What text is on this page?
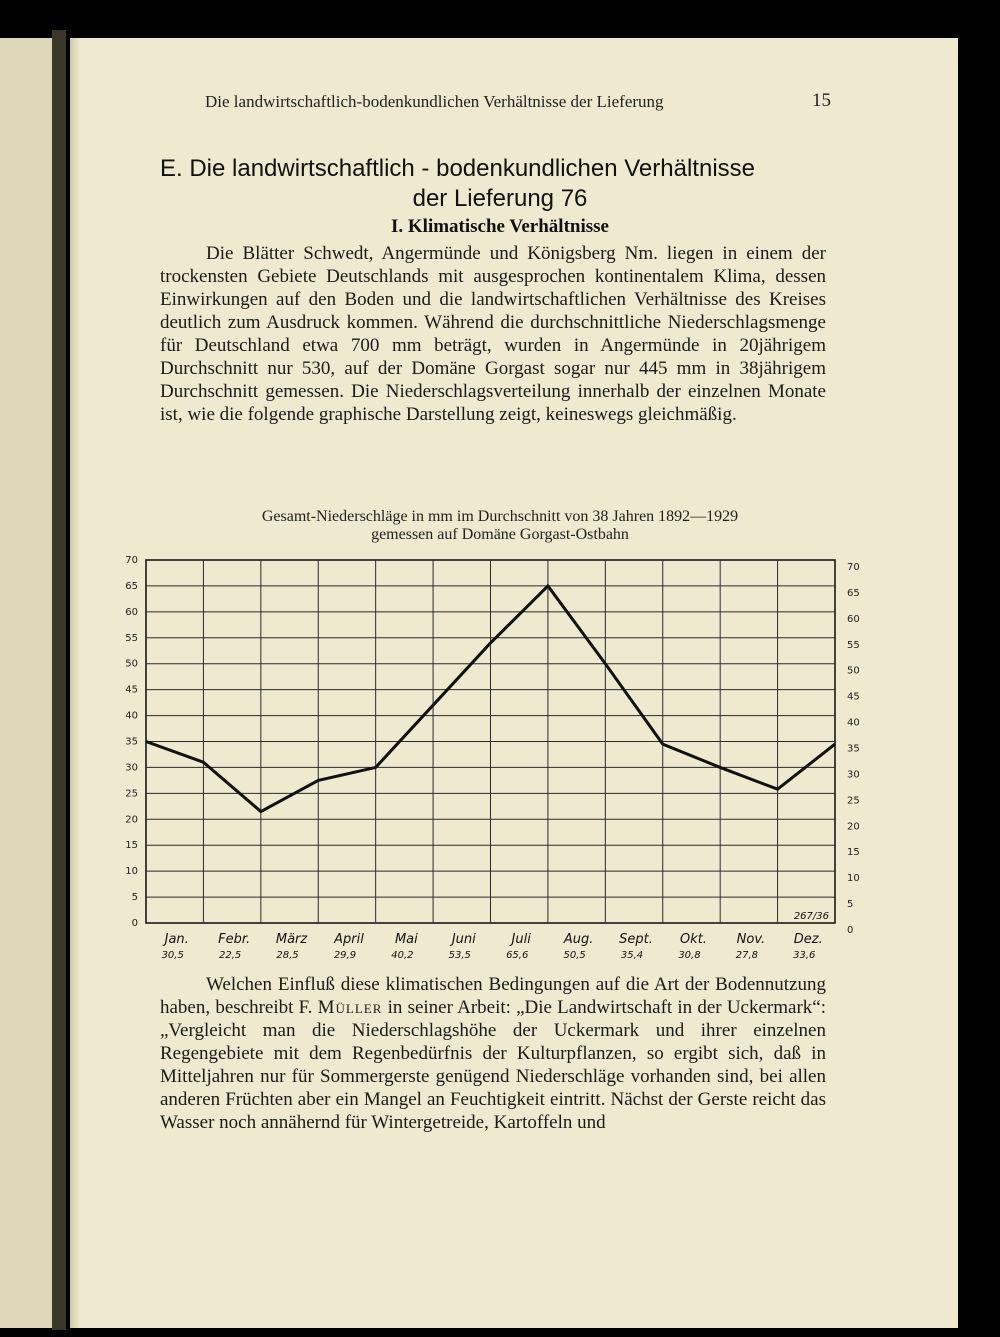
Die landwirtschaftlich-bodenkundlichen Verhältnisse der Lieferung	15
E. Die landwirtschaftlich - bodenkundlichen Verhältnisse
der Lieferung 76
I. Klimatische Verhältnisse

Die Blätter Schwedt, Angermünde und Königsberg Nm. liegen in einem der trockensten Gebiete Deutschlands mit ausgesprochen kontinentalem Klima, dessen Einwirkungen auf den Boden und die landwirtschaftlichen Verhältnisse des Kreises deutlich zum Ausdruck kommen. Während die durchschnittliche Niederschlagsmenge für Deutschland etwa 700 mm beträgt, wurden in Angermünde in 20jährigem Durchschnitt nur 530, auf der Domäne Gorgast sogar nur 445 mm in 38jährigem Durchschnitt gemessen. Die Niederschlagsverteilung innerhalb der einzelnen Monate ist, wie die folgende graphische Darstellung zeigt, keineswegs gleichmäßig.

Gesamt-Niederschläge in mm im Durchschnitt von 38 Jahren 1892—1929
gemessen auf Domäne Gorgast-Ostbahn
0
5
10
15
20
25
30
35
40
45
50
55
60
65
70
0
5
10
15
20
25
30
35
40
45
50
55
60
65
70
Jan.
30,5
Febr.
22,5
März
28,5
April
29,9
Mai
40,2
Juni
53,5
Juli
65,6
Aug.
50,5
Sept.
35,4
Okt.
30,8
Nov.
27,8
Dez.
33,6
267/36

Welchen Einfluß diese klimatischen Bedingungen auf die Art der Bodennutzung haben, beschreibt F. Müller in seiner Arbeit: „Die Landwirtschaft in der Uckermark“: „Vergleicht man die Niederschlagshöhe der Uckermark und ihrer einzelnen Regengebiete mit dem Regenbedürfnis der Kulturpflanzen, so ergibt sich, daß in Mitteljahren nur für Sommergerste genügend Niederschläge vorhanden sind, bei allen anderen Früchten aber ein Mangel an Feuchtigkeit eintritt. Nächst der Gerste reicht das Wasser noch annähernd für Wintergetreide, Kartoffeln und
